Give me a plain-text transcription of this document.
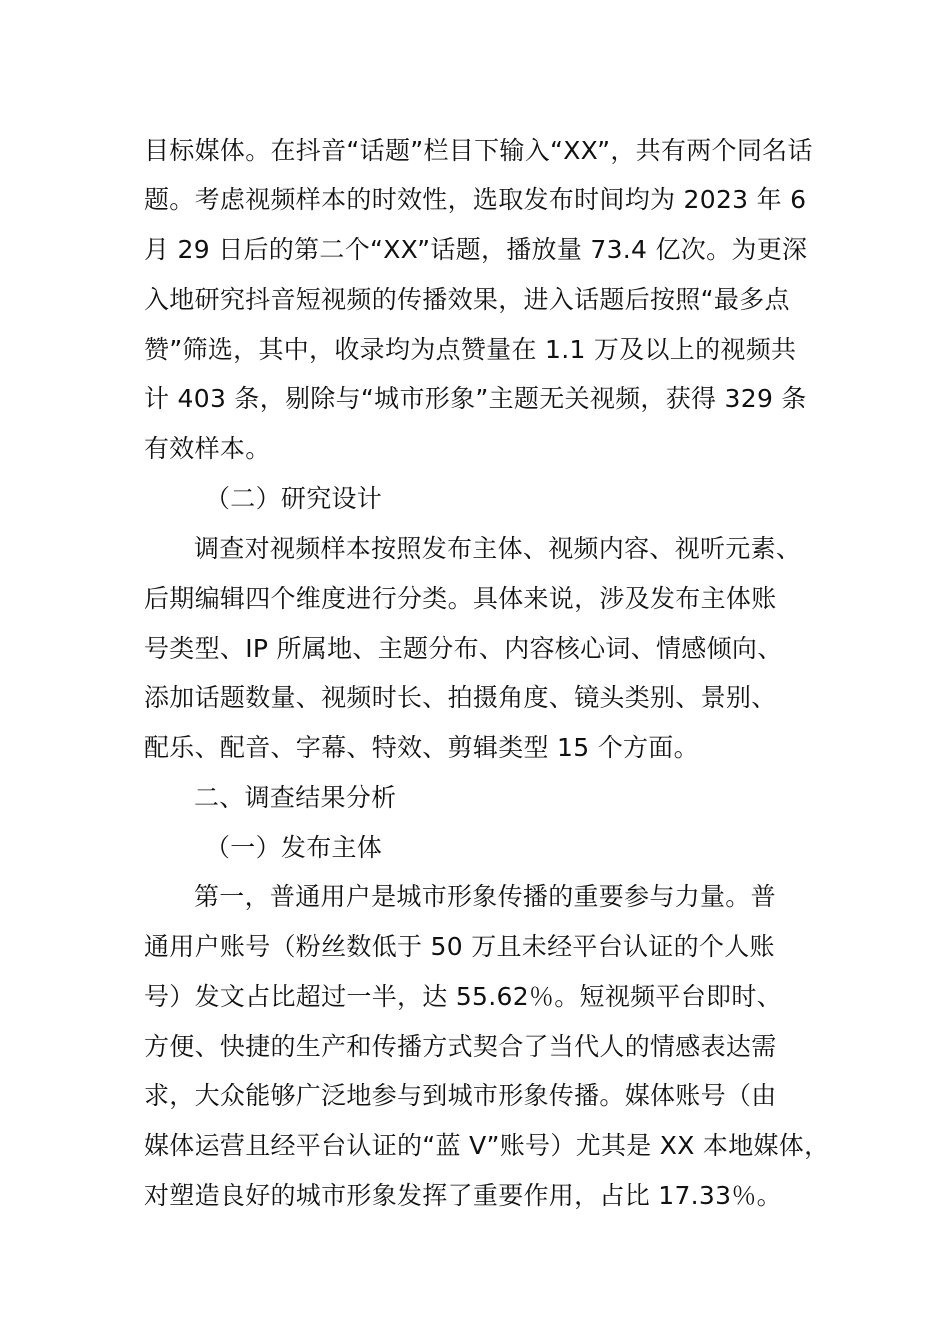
目标媒体。在抖音“话题”栏目下输入“XX”，共有两个同名话
题。考虑视频样本的时效性，选取发布时间均为 2023 年 6
月 29 日后的第二个“XX”话题，播放量 73.4 亿次。为更深
入地研究抖音短视频的传播效果，进入话题后按照“最多点
赞”筛选，其中，收录均为点赞量在 1.1 万及以上的视频共
计 403 条，剔除与“城市形象”主题无关视频，获得 329 条
有效样本。
（二）研究设计
调查对视频样本按照发布主体、视频内容、视听元素、
后期编辑四个维度进行分类。具体来说，涉及发布主体账
号类型、IP 所属地、主题分布、内容核心词、情感倾向、
添加话题数量、视频时长、拍摄角度、镜头类别、景别、
配乐、配音、字幕、特效、剪辑类型 15 个方面。
二、调查结果分析
（一）发布主体
第一，普通用户是城市形象传播的重要参与力量。普
通用户账号（粉丝数低于 50 万且未经平台认证的个人账
号）发文占比超过一半，达 55.62％。短视频平台即时、
方便、快捷的生产和传播方式契合了当代人的情感表达需
求，大众能够广泛地参与到城市形象传播。媒体账号（由
媒体运营且经平台认证的“蓝 V”账号）尤其是 XX 本地媒体，
对塑造良好的城市形象发挥了重要作用，占比 17.33％。
